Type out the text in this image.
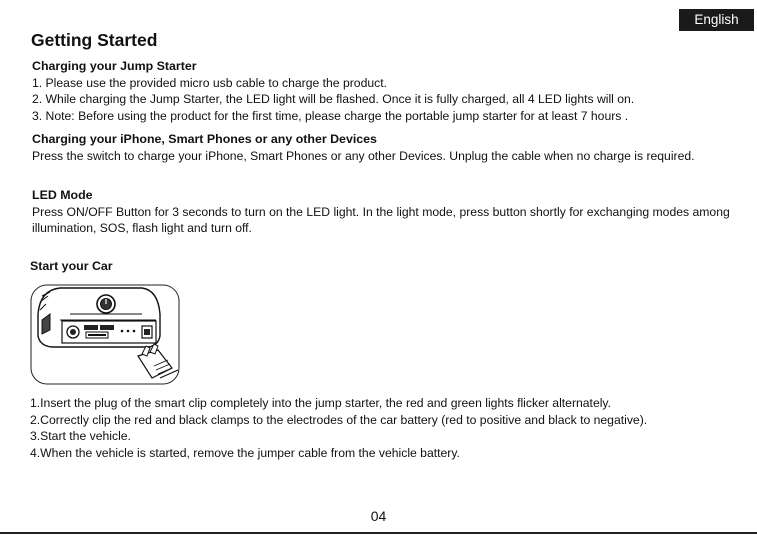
English
Getting Started
Charging your Jump Starter

1. Please use the provided micro usb cable to charge the product.

2. While charging the Jump Starter, the LED light will be flashed. Once it is fully charged, all 4 LED lights will on.

3. Note: Before using the product for the first time, please charge the portable jump starter for at least 7 hours .

Charging your iPhone, Smart Phones or any other Devices

Press the switch to charge your iPhone, Smart Phones or any other Devices. Unplug the cable when no charge is required.

LED Mode

Press ON/OFF Button for 3 seconds to turn on the LED light. In the light mode, press button shortly for exchanging modes among illumination, SOS, flash light and turn off.

Start your Car

1.Insert the plug of the smart clip completely into the jump starter, the red and green lights flicker alternately.

2.Correctly clip the red and black clamps to the electrodes of the car battery (red to positive and black to negative).

3.Start the vehicle.

4.When the vehicle is started, remove the jumper cable from the vehicle battery.

04
